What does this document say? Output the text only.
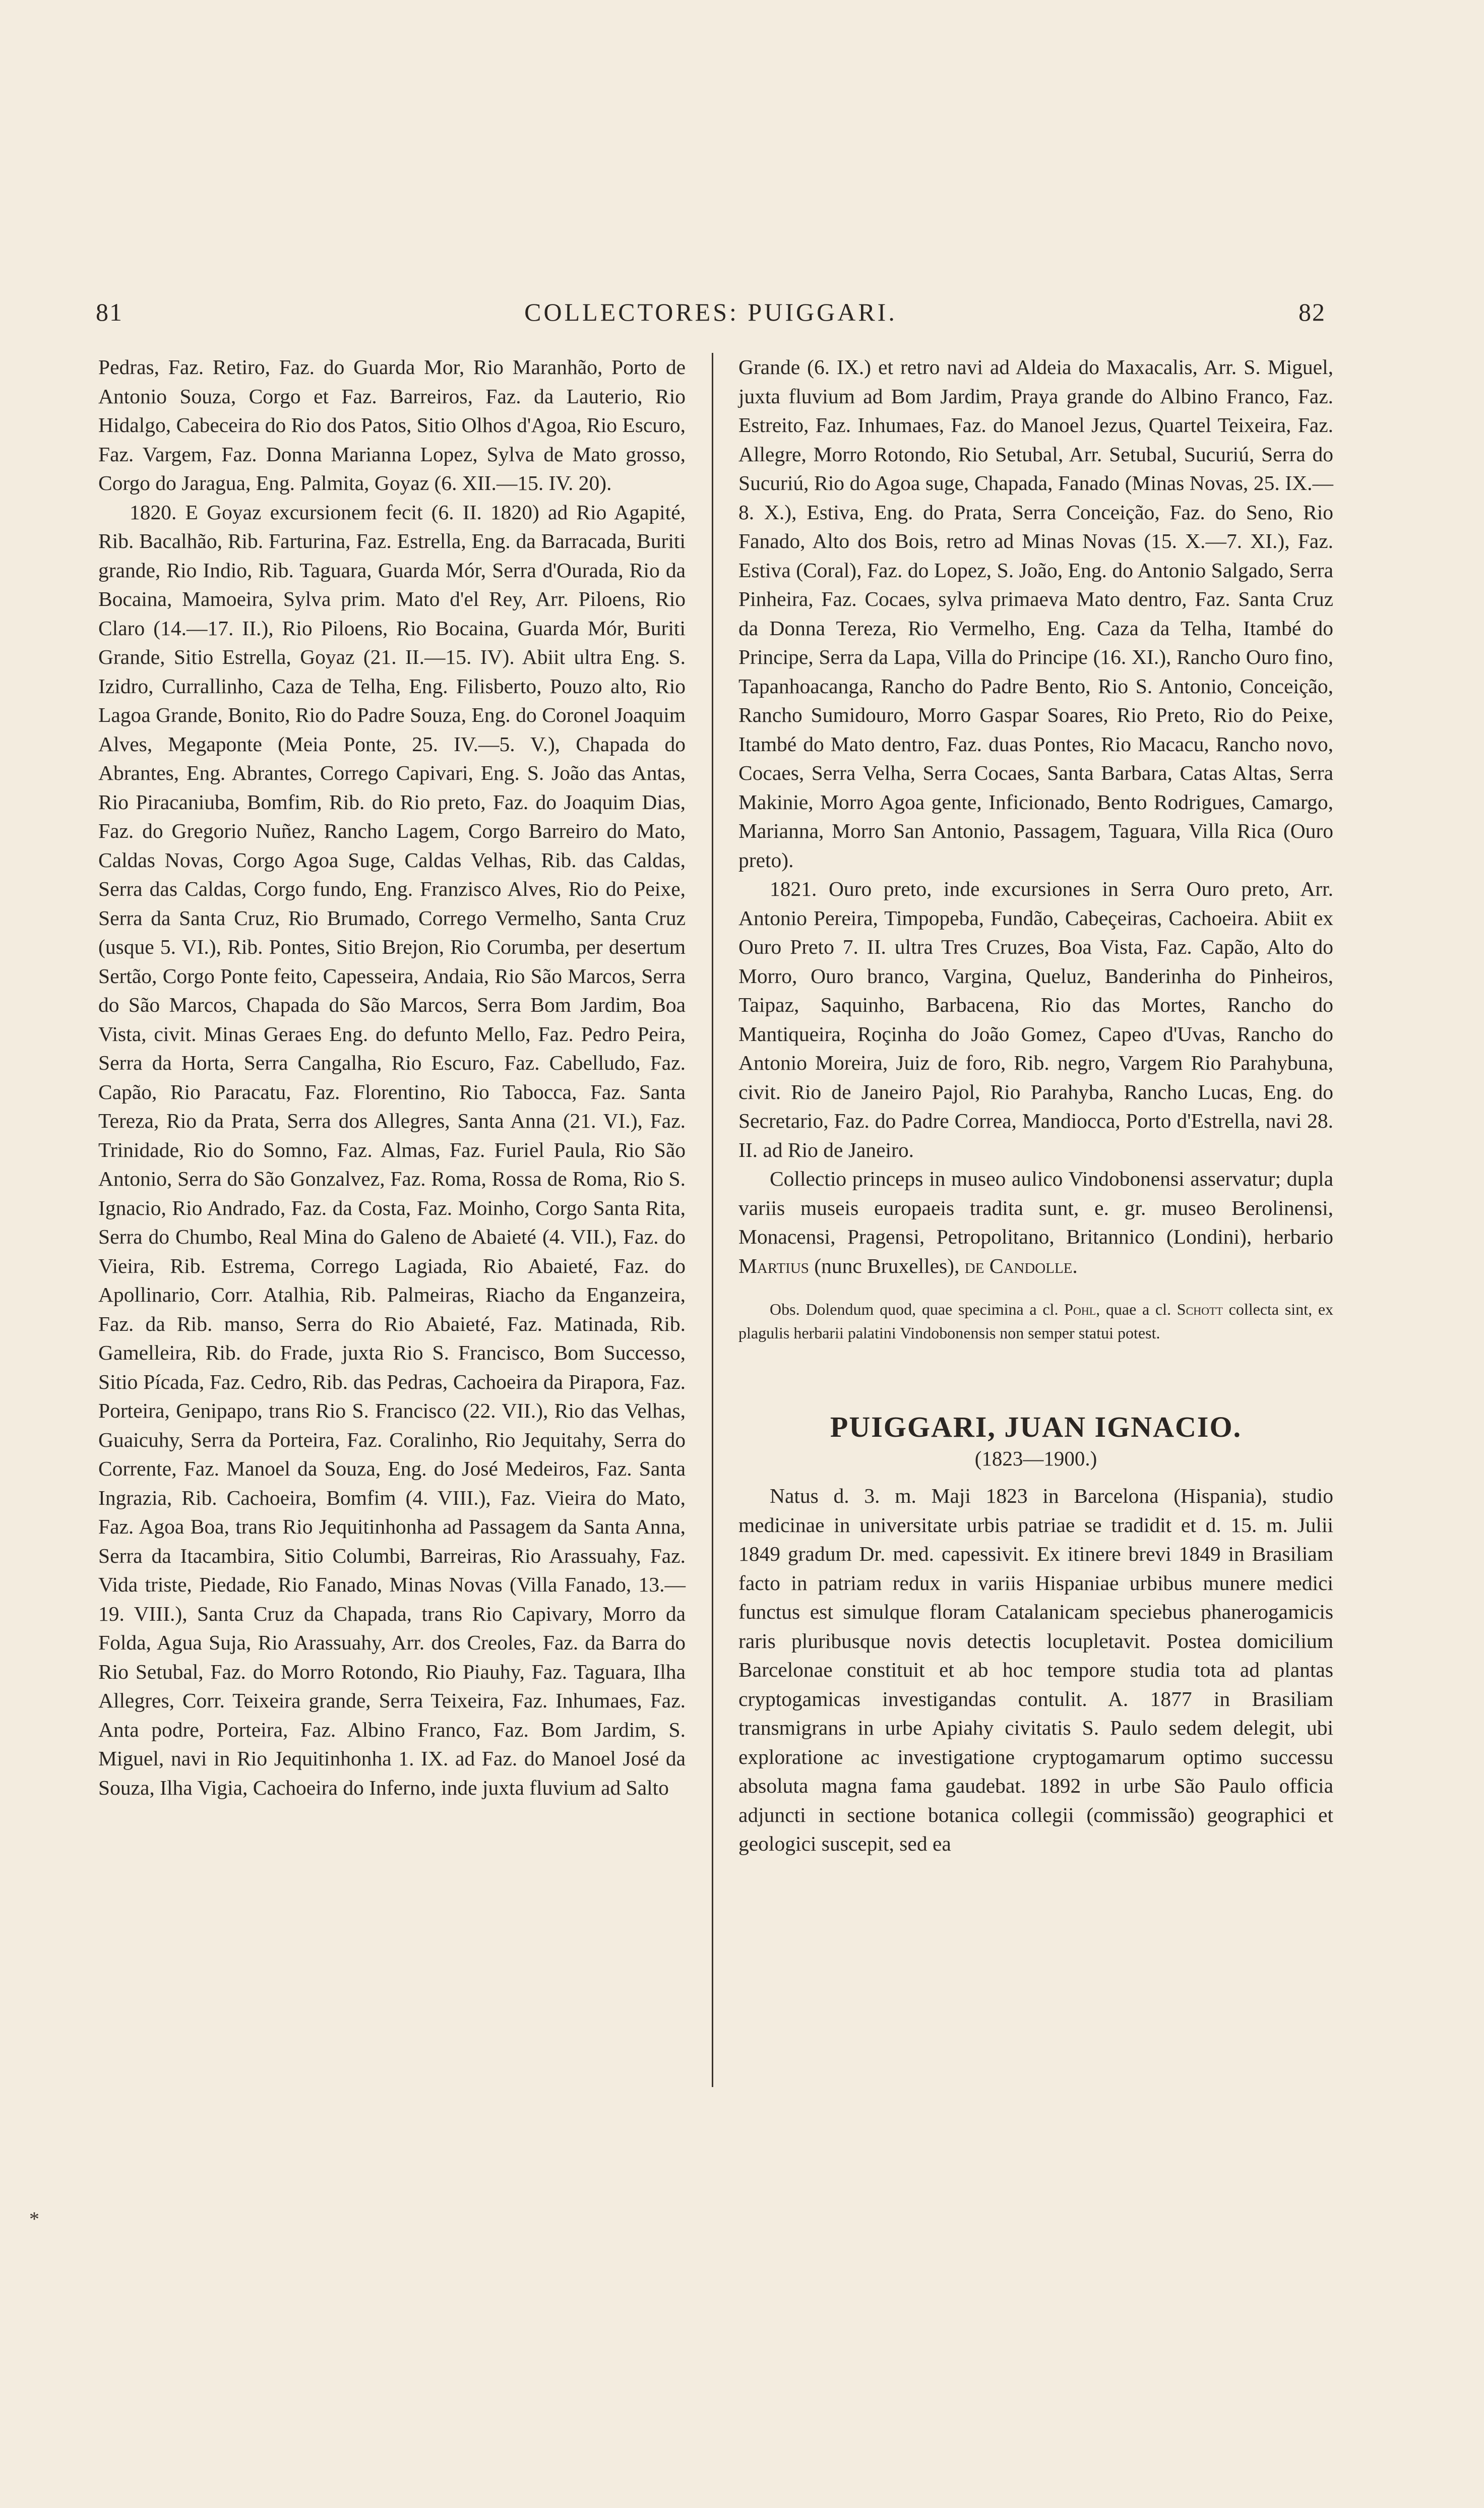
81	COLLECTORES: PUIGGARI.	82

Pedras, Faz. Retiro, Faz. do Guarda Mor, Rio Maranhão, Porto de Antonio Souza, Corgo et Faz. Barreiros, Faz. da Lauterio, Rio Hidalgo, Cabeceira do Rio dos Patos, Sitio Olhos d'Agoa, Rio Escuro, Faz. Vargem, Faz. Donna Marianna Lopez, Sylva de Mato grosso, Corgo do Jaragua, Eng. Palmita, Goyaz (6. XII.—15. IV. 20).

1820. E Goyaz excursionem fecit (6. II. 1820) ad Rio Agapité, Rib. Bacalhão, Rib. Farturina, Faz. Estrella, Eng. da Barracada, Buriti grande, Rio Indio, Rib. Taguara, Guarda Mór, Serra d'Ourada, Rio da Bocaina, Mamoeira, Sylva prim. Mato d'el Rey, Arr. Piloens, Rio Claro (14.—17. II.), Rio Piloens, Rio Bocaina, Guarda Mór, Buriti Grande, Sitio Estrella, Goyaz (21. II.—15. IV). Abiit ultra Eng. S. Izidro, Currallinho, Caza de Telha, Eng. Filisberto, Pouzo alto, Rio Lagoa Grande, Bonito, Rio do Padre Souza, Eng. do Coronel Joaquim Alves, Megaponte (Meia Ponte, 25. IV.—5. V.), Chapada do Abrantes, Eng. Abrantes, Corrego Capivari, Eng. S. João das Antas, Rio Piracaniuba, Bomfim, Rib. do Rio preto, Faz. do Joaquim Dias, Faz. do Gregorio Nuñez, Rancho Lagem, Corgo Barreiro do Mato, Caldas Novas, Corgo Agoa Suge, Caldas Velhas, Rib. das Caldas, Serra das Caldas, Corgo fundo, Eng. Franzisco Alves, Rio do Peixe, Serra da Santa Cruz, Rio Brumado, Corrego Vermelho, Santa Cruz (usque 5. VI.), Rib. Pontes, Sitio Brejon, Rio Corumba, per desertum Sertão, Corgo Ponte feito, Capesseira, Andaia, Rio São Marcos, Serra do São Marcos, Chapada do São Marcos, Serra Bom Jardim, Boa Vista, civit. Minas Geraes Eng. do defunto Mello, Faz. Pedro Peira, Serra da Horta, Serra Cangalha, Rio Escuro, Faz. Cabelludo, Faz. Capão, Rio Paracatu, Faz. Florentino, Rio Tabocca, Faz. Santa Tereza, Rio da Prata, Serra dos Allegres, Santa Anna (21. VI.), Faz. Trinidade, Rio do Somno, Faz. Almas, Faz. Furiel Paula, Rio São Antonio, Serra do São Gonzalvez, Faz. Roma, Rossa de Roma, Rio S. Ignacio, Rio Andrado, Faz. da Costa, Faz. Moinho, Corgo Santa Rita, Serra do Chumbo, Real Mina do Galeno de Abaieté (4. VII.), Faz. do Vieira, Rib. Estrema, Corrego Lagiada, Rio Abaieté, Faz. do Apollinario, Corr. Atalhia, Rib. Palmeiras, Riacho da Enganzeira, Faz. da Rib. manso, Serra do Rio Abaieté, Faz. Matinada, Rib. Gamelleira, Rib. do Frade, juxta Rio S. Francisco, Bom Successo, Sitio Pícada, Faz. Cedro, Rib. das Pedras, Cachoeira da Pirapora, Faz. Porteira, Genipapo, trans Rio S. Francisco (22. VII.), Rio das Velhas, Guaicuhy, Serra da Porteira, Faz. Coralinho, Rio Jequitahy, Serra do Corrente, Faz. Manoel da Souza, Eng. do José Medeiros, Faz. Santa Ingrazia, Rib. Cachoeira, Bomfim (4. VIII.), Faz. Vieira do Mato, Faz. Agoa Boa, trans Rio Jequitinhonha ad Passagem da Santa Anna, Serra da Itacambira, Sitio Columbi, Barreiras, Rio Arassuahy, Faz. Vida triste, Piedade, Rio Fanado, Minas Novas (Villa Fanado, 13.—19. VIII.), Santa Cruz da Chapada, trans Rio Capivary, Morro da Folda, Agua Suja, Rio Arassuahy, Arr. dos Creoles, Faz. da Barra do Rio Setubal, Faz. do Morro Rotondo, Rio Piauhy, Faz. Taguara, Ilha Allegres, Corr. Teixeira grande, Serra Teixeira, Faz. Inhumaes, Faz. Anta podre, Porteira, Faz. Albino Franco, Faz. Bom Jardim, S. Miguel, navi in Rio Jequitinhonha 1. IX. ad Faz. do Manoel José da Souza, Ilha Vigia, Cachoeira do Inferno, inde juxta fluvium ad Salto

Grande (6. IX.) et retro navi ad Aldeia do Maxacalis, Arr. S. Miguel, juxta fluvium ad Bom Jardim, Praya grande do Albino Franco, Faz. Estreito, Faz. Inhumaes, Faz. do Manoel Jezus, Quartel Teixeira, Faz. Allegre, Morro Rotondo, Rio Setubal, Arr. Setubal, Sucuriú, Serra do Sucuriú, Rio do Agoa suge, Chapada, Fanado (Minas Novas, 25. IX.—8. X.), Estiva, Eng. do Prata, Serra Conceição, Faz. do Seno, Rio Fanado, Alto dos Bois, retro ad Minas Novas (15. X.—7. XI.), Faz. Estiva (Coral), Faz. do Lopez, S. João, Eng. do Antonio Salgado, Serra Pinheira, Faz. Cocaes, sylva primaeva Mato dentro, Faz. Santa Cruz da Donna Tereza, Rio Vermelho, Eng. Caza da Telha, Itambé do Principe, Serra da Lapa, Villa do Principe (16. XI.), Rancho Ouro fino, Tapanhoacanga, Rancho do Padre Bento, Rio S. Antonio, Conceição, Rancho Sumidouro, Morro Gaspar Soares, Rio Preto, Rio do Peixe, Itambé do Mato dentro, Faz. duas Pontes, Rio Macacu, Rancho novo, Cocaes, Serra Velha, Serra Cocaes, Santa Barbara, Catas Altas, Serra Makinie, Morro Agoa gente, Inficionado, Bento Rodrigues, Camargo, Marianna, Morro San Antonio, Passagem, Taguara, Villa Rica (Ouro preto).

1821. Ouro preto, inde excursiones in Serra Ouro preto, Arr. Antonio Pereira, Timpopeba, Fundão, Cabeçeiras, Cachoeira. Abiit ex Ouro Preto 7. II. ultra Tres Cruzes, Boa Vista, Faz. Capão, Alto do Morro, Ouro branco, Vargina, Queluz, Banderinha do Pinheiros, Taipaz, Saquinho, Barbacena, Rio das Mortes, Rancho do Mantiqueira, Roçinha do João Gomez, Capeo d'Uvas, Rancho do Antonio Moreira, Juiz de foro, Rib. negro, Vargem Rio Parahybuna, civit. Rio de Janeiro Pajol, Rio Parahyba, Rancho Lucas, Eng. do Secretario, Faz. do Padre Correa, Mandiocca, Porto d'Estrella, navi 28. II. ad Rio de Janeiro.

Collectio princeps in museo aulico Vindobonensi asservatur; dupla variis museis europaeis tradita sunt, e. gr. museo Berolinensi, Monacensi, Pragensi, Petropolitano, Britannico (Londini), herbario Martius (nunc Bruxelles), de Candolle.

Obs. Dolendum quod, quae specimina a cl. Pohl, quae a cl. Schott collecta sint, ex plagulis herbarii palatini Vindobonensis non semper statui potest.

PUIGGARI, JUAN IGNACIO.
(1823—1900.)

Natus d. 3. m. Maji 1823 in Barcelona (Hispania), studio medicinae in universitate urbis patriae se tradidit et d. 15. m. Julii 1849 gradum Dr. med. capessivit. Ex itinere brevi 1849 in Brasiliam facto in patriam redux in variis Hispaniae urbibus munere medici functus est simulque floram Catalanicam speciebus phanerogamicis raris pluribusque novis detectis locupletavit. Postea domicilium Barcelonae constituit et ab hoc tempore studia tota ad plantas cryptogamicas investigandas contulit. A. 1877 in Brasiliam transmigrans in urbe Apiahy civitatis S. Paulo sedem delegit, ubi exploratione ac investigatione cryptogamarum optimo successu absoluta magna fama gaudebat. 1892 in urbe São Paulo officia adjuncti in sectione botanica collegii (commissão) geographici et geologici suscepit, sed ea

*
